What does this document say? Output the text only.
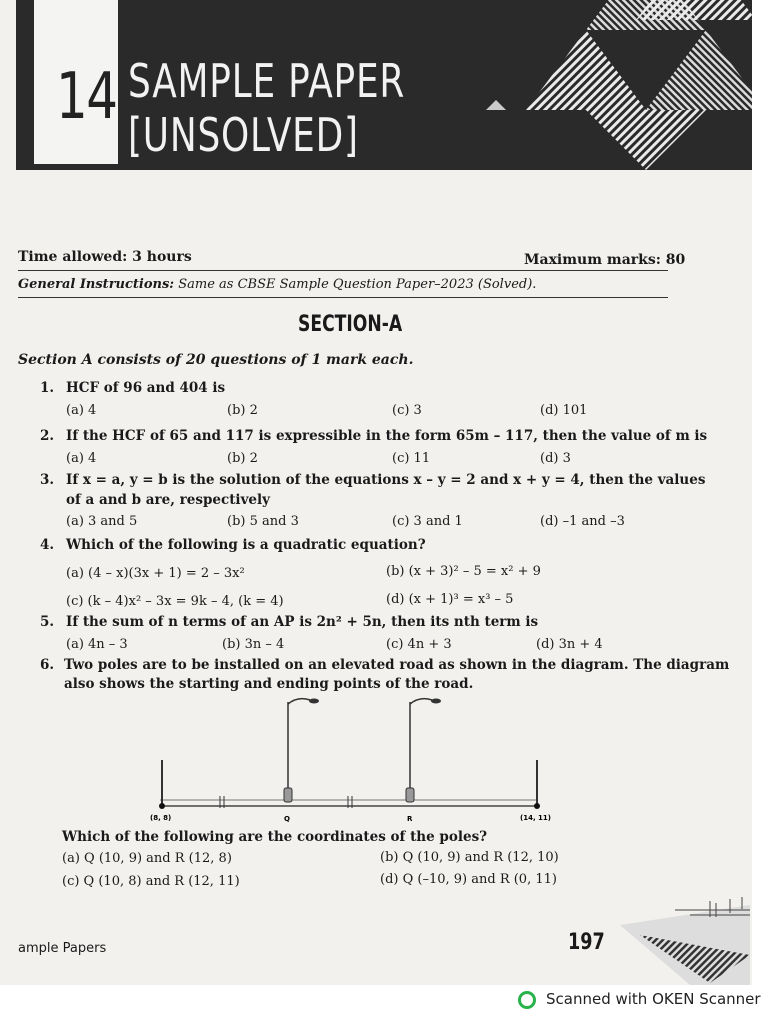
14 SAMPLE PAPER
[UNSOLVED]
Time allowed: 3 hours	Maximum marks: 80
General Instructions: Same as CBSE Sample Question Paper–2023 (Solved).
SECTION-A
Section A consists of 20 questions of 1 mark each.
1. HCF of 96 and 404 is
(a) 4	(b) 2	(c) 3	(d) 101
2. If the HCF of 65 and 117 is expressible in the form 65m – 117, then the value of m is
(a) 4	(b) 2	(c) 11	(d) 3
3. If x = a, y = b is the solution of the equations x – y = 2 and x + y = 4, then the values
of a and b are, respectively
(a) 3 and 5	(b) 5 and 3	(c) 3 and 1	(d) –1 and –3
4. Which of the following is a quadratic equation?
(a) (4 – x)(3x + 1) = 2 – 3x²	(b) (x + 3)² – 5 = x² + 9
(c) (k – 4)x² – 3x = 9k – 4, (k = 4)	(d) (x + 1)³ = x³ – 5
5. If the sum of n terms of an AP is 2n² + 5n, then its nth term is
(a) 4n – 3	(b) 3n – 4	(c) 4n + 3	(d) 3n + 4
6. Two poles are to be installed on an elevated road as shown in the diagram. The diagram
also shows the starting and ending points of the road.
(8, 8)	Q	R	(14, 11)
Which of the following are the coordinates of the poles?
(a) Q (10, 9) and R (12, 8)	(b) Q (10, 9) and R (12, 10)
(c) Q (10, 8) and R (12, 11)	(d) Q (–10, 9) and R (0, 11)
ample Papers	197
Scanned with OKEN Scanner
